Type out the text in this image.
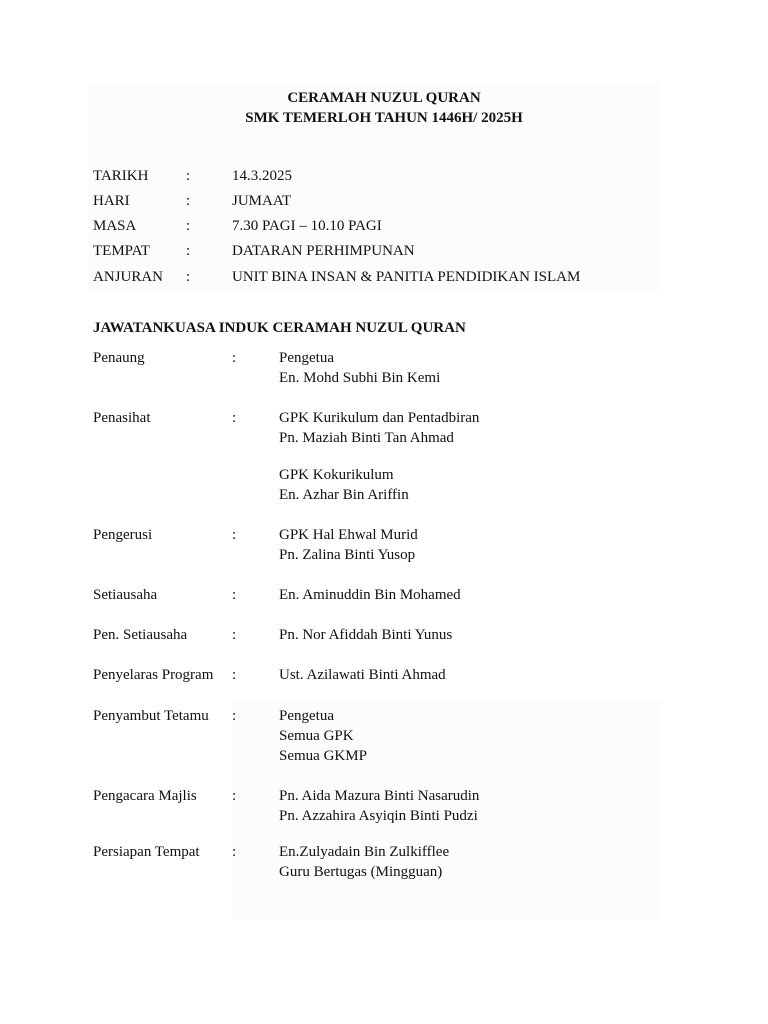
CERAMAH NUZUL QURAN
SMK TEMERLOH TAHUN 1446H/ 2025H
TARIKH	:	14.3.2025
HARI	:	JUMAAT
MASA	:	7.30 PAGI – 10.10 PAGI
TEMPAT :	DATARAN PERHIMPUNAN
ANJURAN :	UNIT BINA INSAN & PANITIA PENDIDIKAN ISLAM
JAWATANKUASA INDUK CERAMAH NUZUL QURAN
Penaung	:	Pengetua
En. Mohd Subhi Bin Kemi
Penasihat	:	GPK Kurikulum dan Pentadbiran
Pn. Maziah Binti Tan Ahmad
GPK Kokurikulum
En. Azhar Bin Ariffin
Pengerusi	:	GPK Hal Ehwal Murid
Pn. Zalina Binti Yusop
Setiausaha	:	En. Aminuddin Bin Mohamed
Pen. Setiausaha	:	Pn. Nor Afiddah Binti Yunus
Penyelaras Program :	Ust. Azilawati Binti Ahmad
Penyambut Tetamu :	Pengetua
Semua GPK
Semua GKMP
Pengacara Majlis :	Pn. Aida Mazura Binti Nasarudin
Pn. Azzahira Asyiqin Binti Pudzi
Persiapan Tempat :	En.Zulyadain Bin Zulkifflee
Guru Bertugas (Mingguan)
